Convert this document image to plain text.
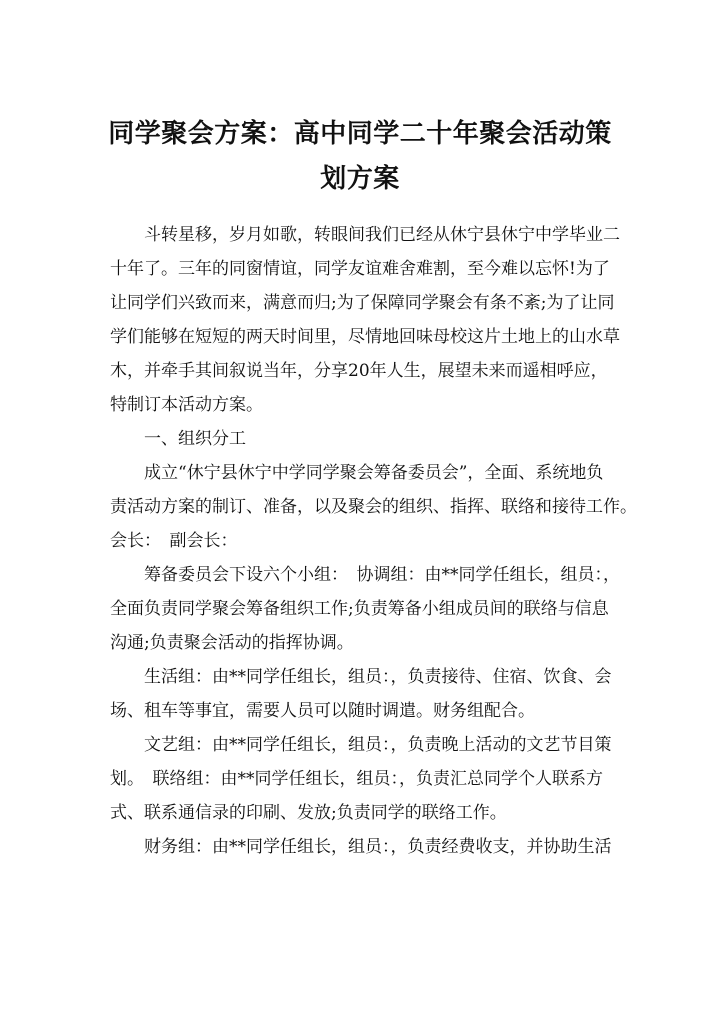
同学聚会方案：高中同学二十年聚会活动策
划方案
斗转星移，岁月如歌，转眼间我们已经从休宁县休宁中学毕业二
十年了。三年的同窗情谊，同学友谊难舍难割，至今难以忘怀!为了
让同学们兴致而来，满意而归;为了保障同学聚会有条不紊;为了让同
学们能够在短短的两天时间里，尽情地回味母校这片土地上的山水草
木，并牵手其间叙说当年，分享20年人生，展望未来而遥相呼应，
特制订本活动方案。
一、组织分工
成立“休宁县休宁中学同学聚会筹备委员会”，全面、系统地负
责活动方案的制订、准备，以及聚会的组织、指挥、联络和接待工作。
会长：　副会长：
筹备委员会下设六个小组：　协调组：由**同学任组长，组员：，
全面负责同学聚会筹备组织工作;负责筹备小组成员间的联络与信息
沟通;负责聚会活动的指挥协调。
生活组：由**同学任组长，组员：，负责接待、住宿、饮食、会
场、租车等事宜，需要人员可以随时调遣。财务组配合。
文艺组：由**同学任组长，组员：，负责晚上活动的文艺节目策
划。　联络组：由**同学任组长，组员：，负责汇总同学个人联系方
式、联系通信录的印刷、发放;负责同学的联络工作。
财务组：由**同学任组长，组员：，负责经费收支，并协助生活
